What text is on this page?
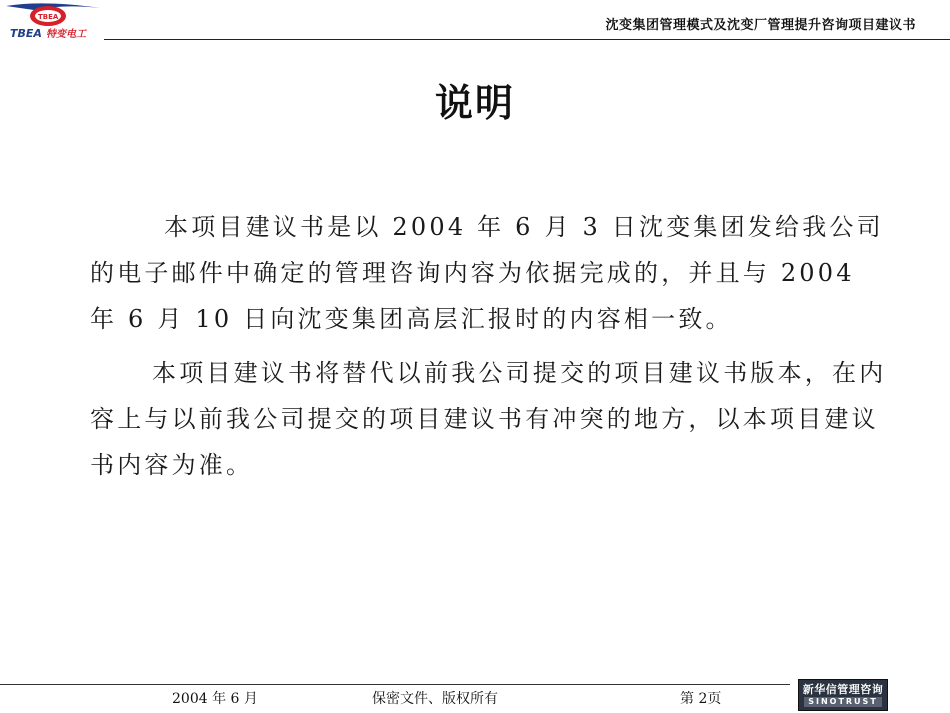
TBEA
TBEA 特变电工
沈变集团管理模式及沈变厂管理提升咨询项目建议书
说明

本项目建议书是以 2004 年 6 月 3 日沈变集团发给我公司的电子邮件中确定的管理咨询内容为依据完成的，并且与 2004 年 6 月 10 日向沈变集团高层汇报时的内容相一致。

本项目建议书将替代以前我公司提交的项目建议书版本，在内容上与以前我公司提交的项目建议书有冲突的地方，以本项目建议书内容为准。

2004 年 6 月	保密文件、版权所有	第 2页
新华信管理咨询
SINOTRUST
